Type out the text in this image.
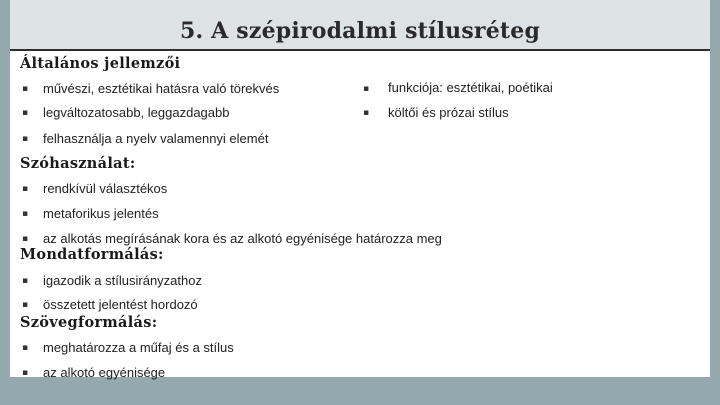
5. A szépirodalmi stílusréteg
Általános jellemzői
▪ művészi, esztétikai hatásra való törekvés	▪ funkciója: esztétikai, poétikai
▪ legváltozatosabb, leggazdagabb	▪ költői és prózai stílus
▪ felhasználja a nyelv valamennyi elemét
Szóhasználat:
▪ rendkívül választékos
▪ metaforikus jelentés
▪ az alkotás megírásának kora és az alkotó egyénisége határozza meg
Mondatformálás:
▪ igazodik a stílusirányzathoz
▪ összetett jelentést hordozó
Szövegformálás:
▪ meghatározza a műfaj és a stílus
▪ az alkotó egyénisége
